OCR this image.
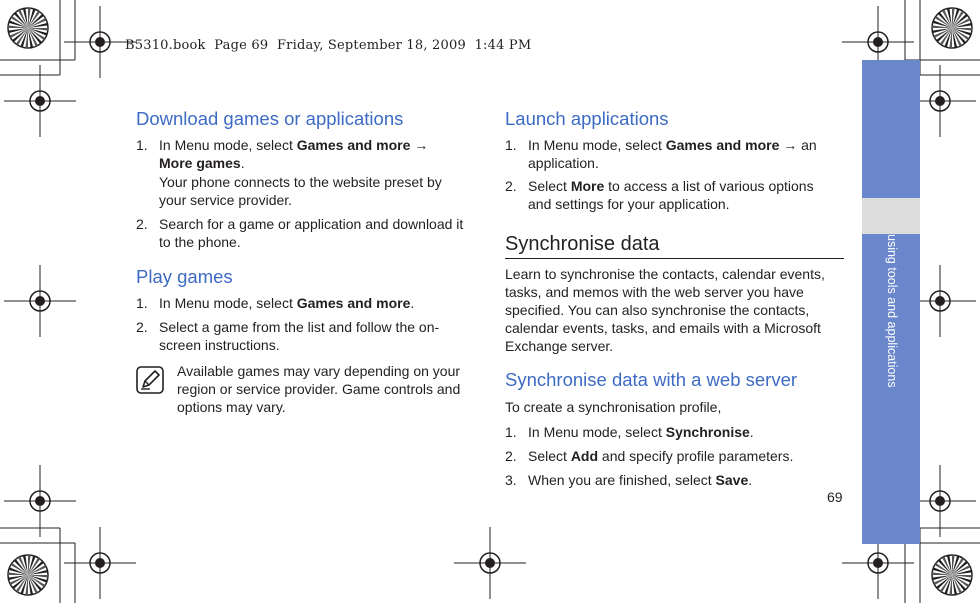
B5310.book  Page 69  Friday, September 18, 2009  1:44 PM
using tools and applications
Download games or applications
1. In Menu mode, select Games and more →
More games.
Your phone connects to the website preset by your service provider.
2. Search for a game or application and download it to the phone.
Play games
1. In Menu mode, select Games and more.
2. Select a game from the list and follow the on-screen instructions.
Available games may vary depending on your region or service provider. Game controls and options may vary.
Launch applications
1. In Menu mode, select Games and more → an application.
2. Select More to access a list of various options and settings for your application.
Synchronise data
Learn to synchronise the contacts, calendar events, tasks, and memos with the web server you have specified. You can also synchronise the contacts, calendar events, tasks, and emails with a Microsoft Exchange server.
Synchronise data with a web server
To create a synchronisation profile,
1. In Menu mode, select Synchronise.
2. Select Add and specify profile parameters.
3. When you are finished, select Save.
69
